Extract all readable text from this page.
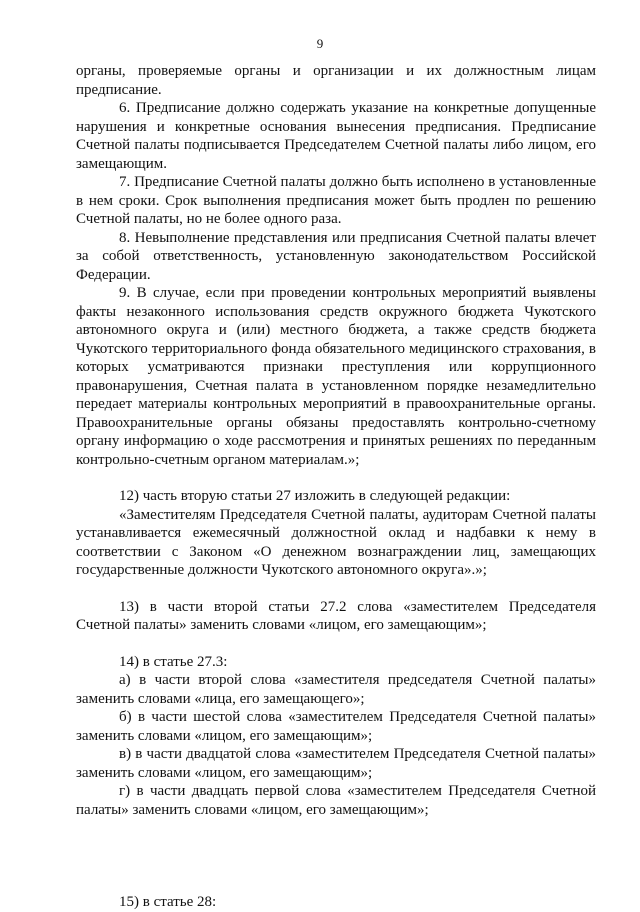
9

органы, проверяемые органы и организации и их должностным лицам предписание.

6. Предписание должно содержать указание на конкретные допущенные нарушения и конкретные основания вынесения предписания. Предписание Счетной палаты подписывается Председателем Счетной палаты либо лицом, его замещающим.

7. Предписание Счетной палаты должно быть исполнено в установленные в нем сроки. Срок выполнения предписания может быть продлен по решению Счетной палаты, но не более одного раза.

8. Невыполнение представления или предписания Счетной палаты влечет за собой ответственность, установленную законодательством Российской Федерации.

9. В случае, если при проведении контрольных мероприятий выявлены факты незаконного использования средств окружного бюджета Чукотского автономного округа и (или) местного бюджета, а также средств бюджета Чукотского территориального фонда обязательного медицинского страхования, в которых усматриваются признаки преступления или коррупционного правонарушения, Счетная палата в установленном порядке незамедлительно передает материалы контрольных мероприятий в правоохранительные органы. Правоохранительные органы обязаны предоставлять контрольно-счетному органу информацию о ходе рассмотрения и принятых решениях по переданным контрольно-счетным органом материалам.»;

12) часть вторую статьи 27 изложить в следующей редакции:

«Заместителям Председателя Счетной палаты, аудиторам Счетной палаты устанавливается ежемесячный должностной оклад и надбавки к нему в соответствии с Законом «О денежном вознаграждении лиц, замещающих государственные должности Чукотского автономного округа».»;

13) в части второй статьи 27.2 слова «заместителем Председателя Счетной палаты» заменить словами «лицом, его замещающим»;

14) в статье 27.3:

а) в части второй слова «заместителя председателя Счетной палаты» заменить словами «лица, его замещающего»;

б) в части шестой слова «заместителем Председателя Счетной палаты» заменить словами «лицом, его замещающим»;

в) в части двадцатой слова «заместителем Председателя Счетной палаты» заменить словами «лицом, его замещающим»;

г) в части двадцать первой слова «заместителем Председателя Счетной палаты» заменить словами «лицом, его замещающим»;

15) в статье 28:
